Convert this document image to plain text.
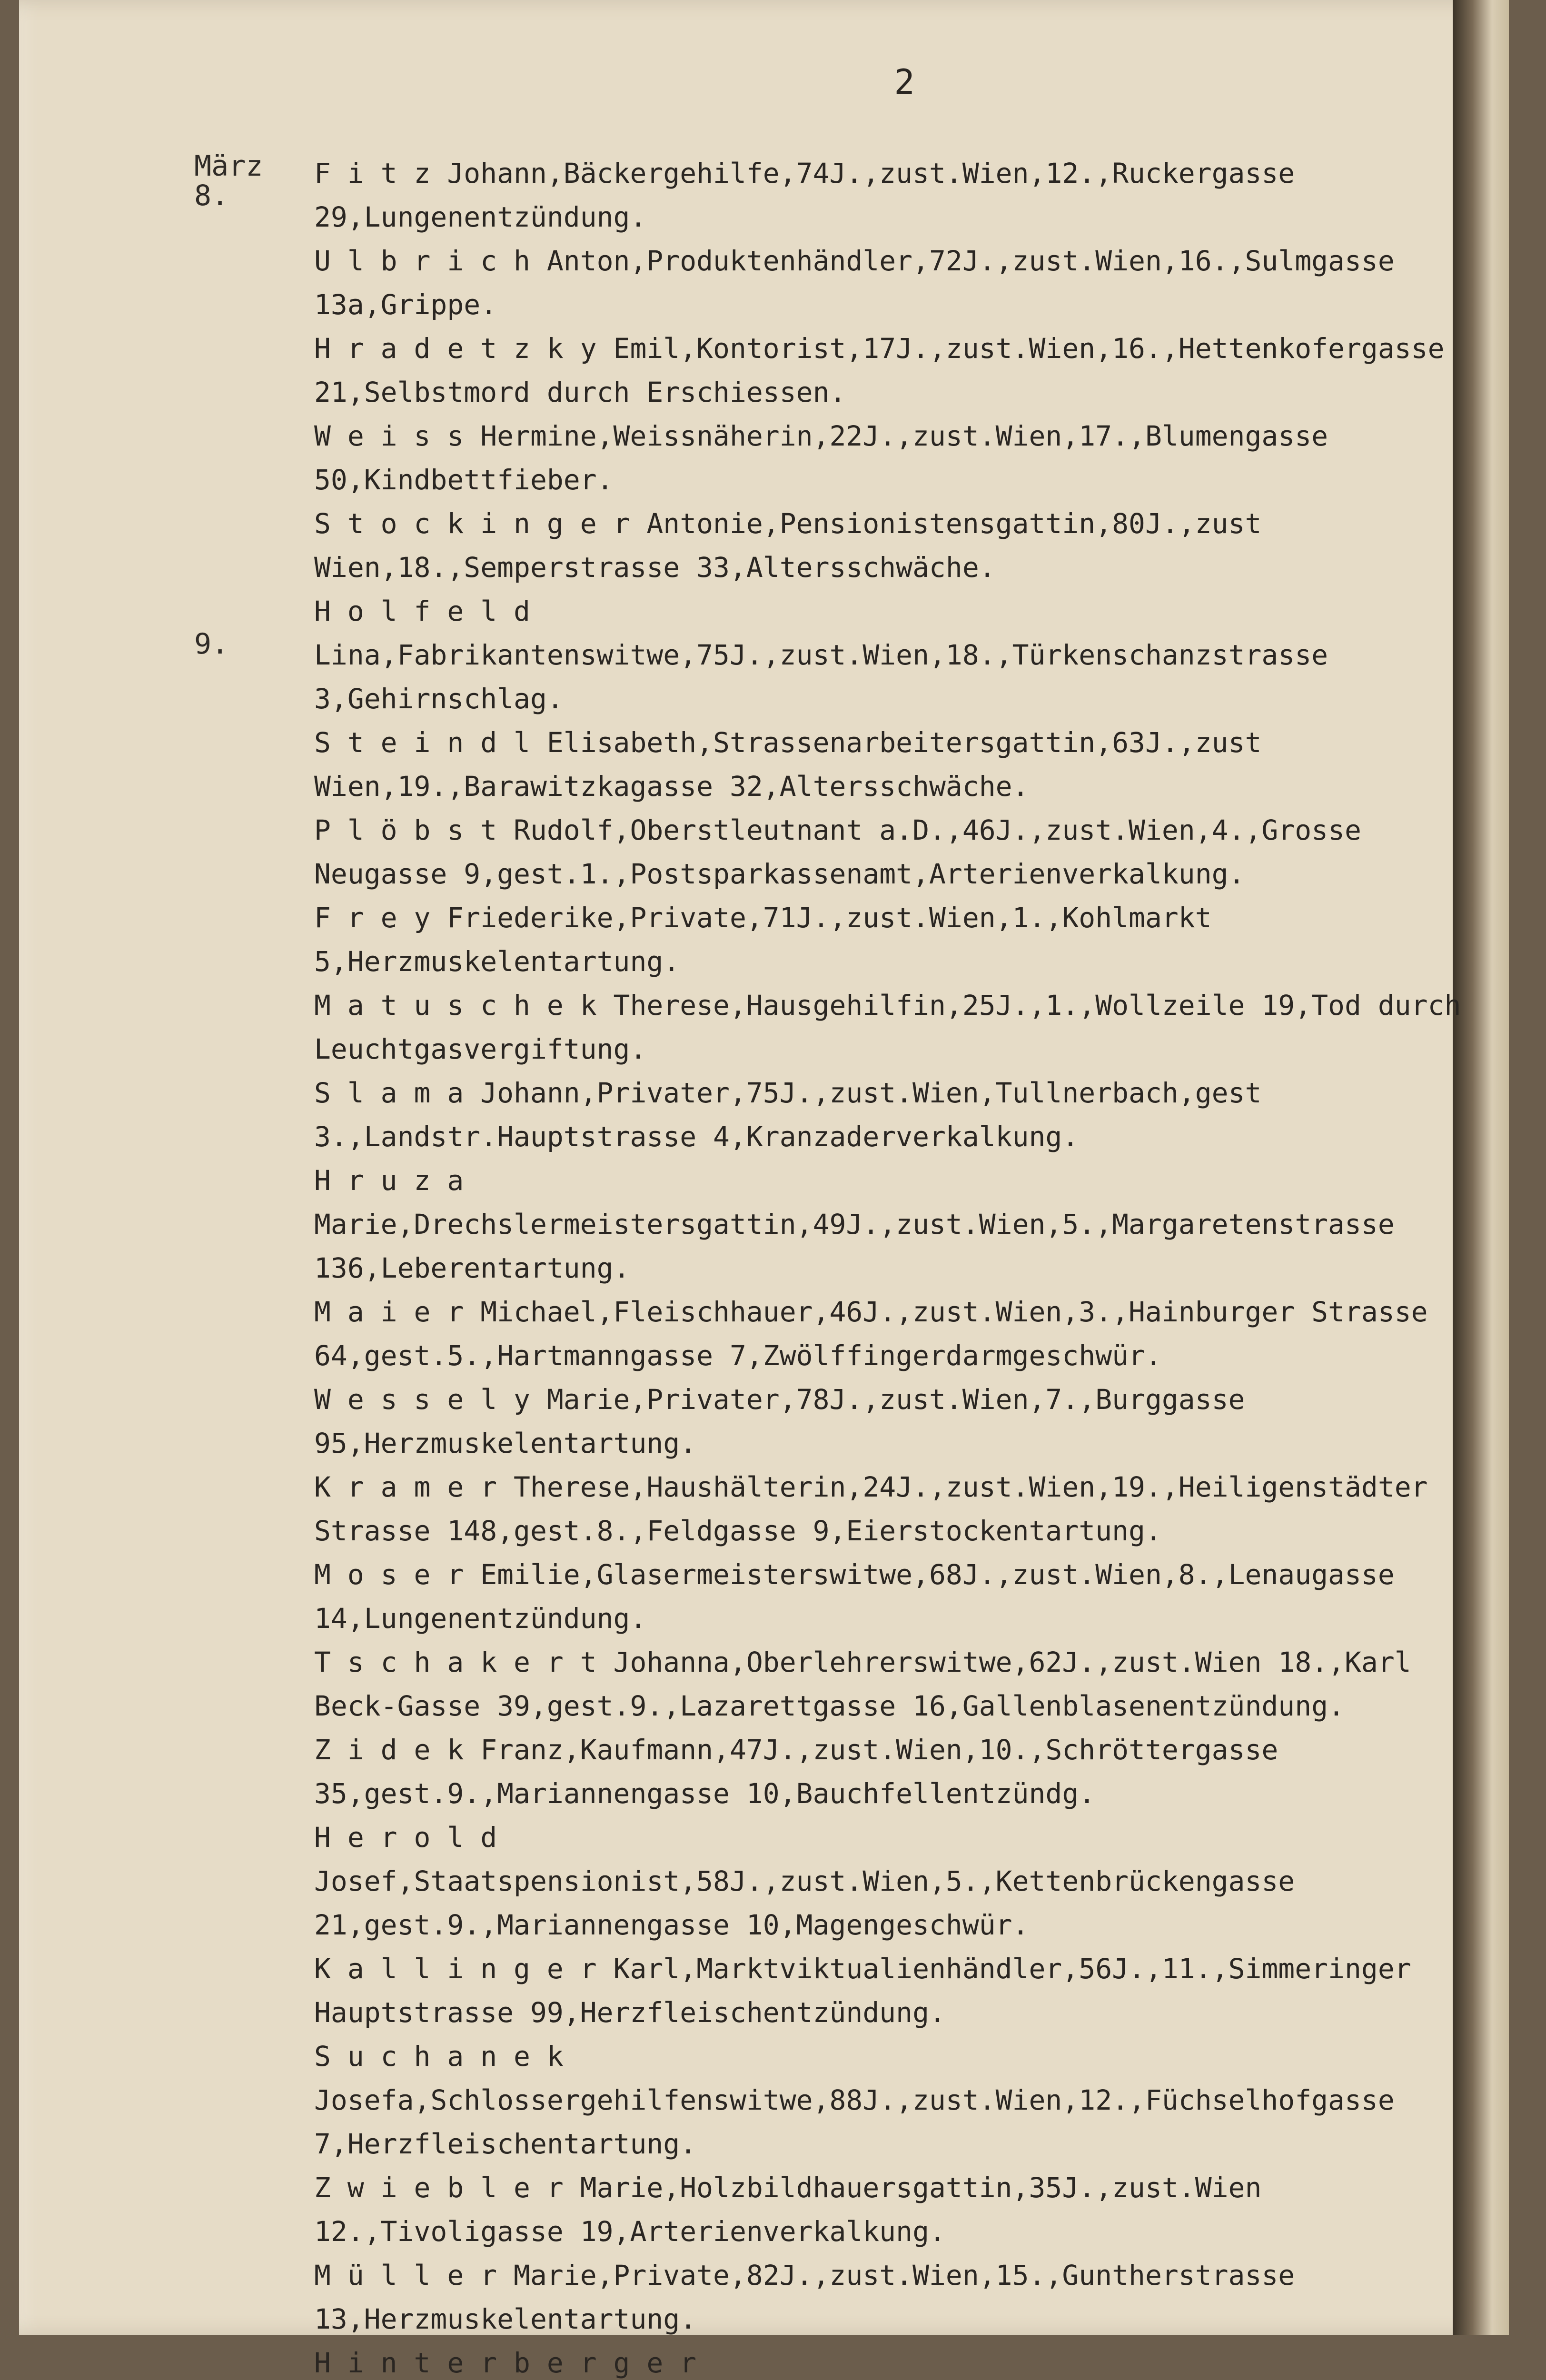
2
März
8.
9.
F i t z Johann,Bäckergehilfe,74J.,zust.Wien,12.,Ruckergasse 29,Lungenentzündung.
U l b r i c h Anton,Produktenhändler,72J.,zust.Wien,16.,Sulmgasse 13a,Grippe.
H r a d e t z k y Emil,Kontorist,17J.,zust.Wien,16.,Hettenkofergasse 21,Selbstmord durch Erschiessen.
W e i s s Hermine,Weissnäherin,22J.,zust.Wien,17.,Blumengasse 50,Kindbettfieber.
S t o c k i n g e r Antonie,Pensionistensgattin,80J.,zust Wien,18.,Semperstrasse 33,Altersschwäche.
H o l f e l d Lina,Fabrikantenswitwe,75J.,zust.Wien,18.,Türkenschanzstrasse 3,Gehirnschlag.
S t e i n d l Elisabeth,Strassenarbeitersgattin,63J.,zust Wien,19.,Barawitzkagasse 32,Altersschwäche.
P l ö b s t Rudolf,Oberstleutnant a.D.,46J.,zust.Wien,4.,Grosse Neugasse 9,gest.1.,Postsparkassenamt,Arterienverkalkung.
F r e y Friederike,Private,71J.,zust.Wien,1.,Kohlmarkt 5,Herzmuskelentartung.
M a t u s c h e k Therese,Hausgehilfin,25J.,1.,Wollzeile 19,Tod durch Leuchtgasvergiftung.
S l a m a Johann,Privater,75J.,zust.Wien,Tullnerbach,gest 3.,Landstr.Hauptstrasse 4,Kranzaderverkalkung.
H r u z a Marie,Drechslermeistersgattin,49J.,zust.Wien,5.,Margaretenstrasse 136,Leberentartung.
M a i e r Michael,Fleischhauer,46J.,zust.Wien,3.,Hainburger Strasse 64,gest.5.,Hartmanngasse 7,Zwölffingerdarmgeschwür.
W e s s e l y Marie,Privater,78J.,zust.Wien,7.,Burggasse 95,Herzmuskelentartung.
K r a m e r Therese,Haushälterin,24J.,zust.Wien,19.,Heiligenstädter Strasse 148,gest.8.,Feldgasse 9,Eierstockentartung.
M o s e r Emilie,Glasermeisterswitwe,68J.,zust.Wien,8.,Lenaugasse 14,Lungenentzündung.
T s c h a k e r t Johanna,Oberlehrerswitwe,62J.,zust.Wien 18.,Karl Beck-Gasse 39,gest.9.,Lazarettgasse 16,Gallenblasenentzündung.
Z i d e k Franz,Kaufmann,47J.,zust.Wien,10.,Schröttergasse 35,gest.9.,Mariannengasse 10,Bauchfellentzündg.
H e r o l d Josef,Staatspensionist,58J.,zust.Wien,5.,Kettenbrückengasse 21,gest.9.,Mariannengasse 10,Magengeschwür.
K a l l i n g e r Karl,Marktviktualienhändler,56J.,11.,Simmeringer Hauptstrasse 99,Herzfleischentzündung.
S u c h a n e k Josefa,Schlossergehilfenswitwe,88J.,zust.Wien,12.,Füchselhofgasse 7,Herzfleischentartung.
Z w i e b l e r Marie,Holzbildhauersgattin,35J.,zust.Wien 12.,Tivoligasse 19,Arterienverkalkung.
M ü l l e r Marie,Private,82J.,zust.Wien,15.,Guntherstrasse 13,Herzmuskelentartung.
H i n t e r b e r g e r
